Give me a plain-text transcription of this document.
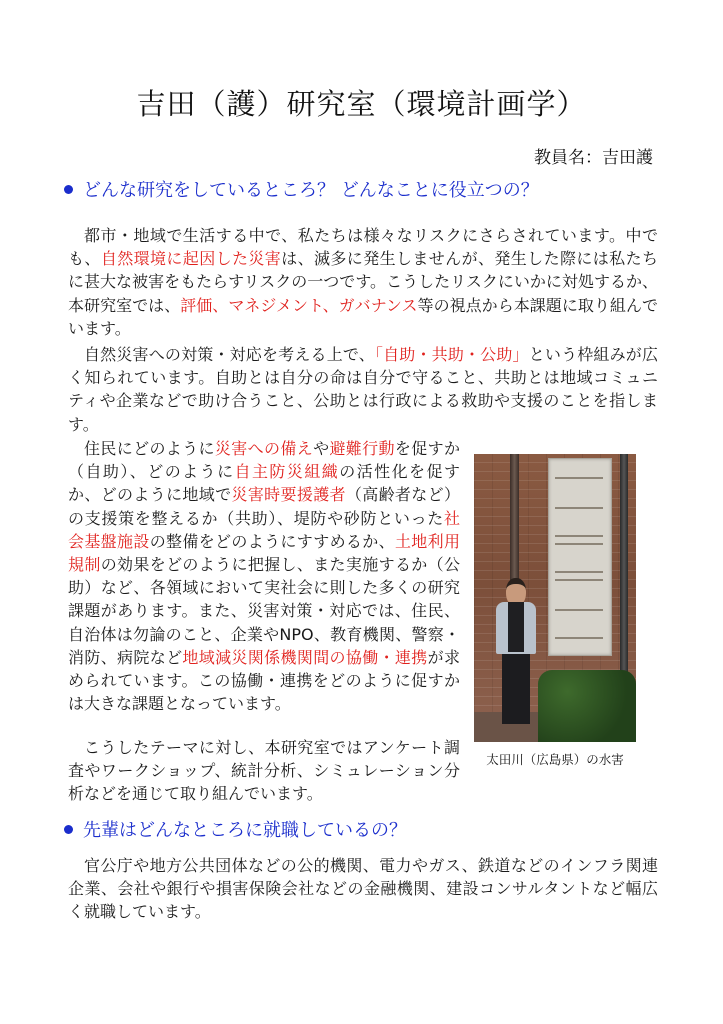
吉田（護）研究室（環境計画学）
教員名：吉田護
どんな研究をしているところ？ どんなことに役立つの？

都市・地域で生活する中で、私たちは様々なリスクにさらされています。中でも、自然環境に起因した災害は、滅多に発生しませんが、発生した際には私たちに甚大な被害をもたらすリスクの一つです。こうしたリスクにいかに対処するか、本研究室では、評価、マネジメント、ガバナンス等の視点から本課題に取り組んでいます。

自然災害への対策・対応を考える上で、「自助・共助・公助」という枠組みが広く知られています。自助とは自分の命は自分で守ること、共助とは地域コミュニティや企業などで助け合うこと、公助とは行政による救助や支援のことを指します。

住民にどのように災害への備えや避難行動を促すか（自助）、どのように自主防災組織の活性化を促すか、どのように地域で災害時要援護者（高齢者など）の支援策を整えるか（共助）、堤防や砂防といった社会基盤施設の整備をどのようにすすめるか、土地利用規制の効果をどのように把握し、また実施するか（公助）など、各領域において実社会に則した多くの研究課題があります。また、災害対策・対応では、住民、自治体は勿論のこと、企業やNPO、教育機関、警察・消防、病院など地域減災関係機関間の協働・連携が求められています。この協働・連携をどのように促すかは大きな課題となっています。

こうしたテーマに対し、本研究室ではアンケート調査やワークショップ、統計分析、シミュレーション分析などを通じて取り組んでいます。

太田川（広島県）の水害
先輩はどんなところに就職しているの？

官公庁や地方公共団体などの公的機関、電力やガス、鉄道などのインフラ関連企業、会社や銀行や損害保険会社などの金融機関、建設コンサルタントなど幅広く就職しています。
